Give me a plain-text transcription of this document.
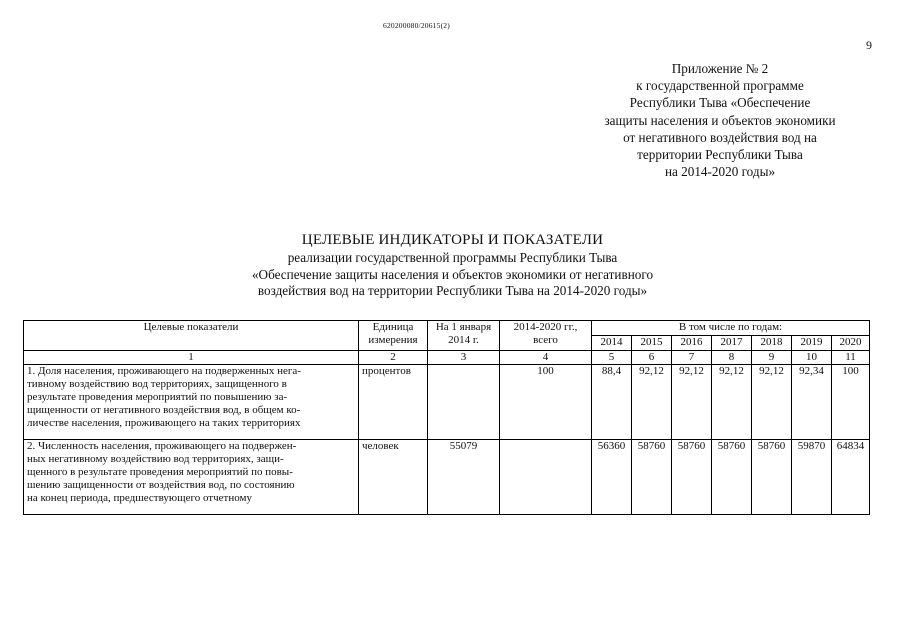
620200080/20615(2)
9
Приложение № 2
к государственной программе
Республики Тыва «Обеспечение
защиты населения и объектов экономики
от негативного воздействия вод на
территории Республики Тыва
на 2014-2020 годы»
ЦЕЛЕВЫЕ ИНДИКАТОРЫ И ПОКАЗАТЕЛИ
реализации государственной программы Республики Тыва
«Обеспечение защиты населения и объектов экономики от негативного
воздействия вод на территории Республики Тыва на 2014-2020 годы»
Целевые показатели	Единица измерения	На 1 января 2014 г.	2014-2020 гг., всего	В том числе по годам:						
				2014	2015	2016	2017	2018	2019	2020
1	2	3	4	5	6	7	8	9	10	11
1. Доля населения, проживающего на подверженных нега-
тивному воздействию вод территориях, защищенного в
результате проведения мероприятий по повышению за-
щищенности от негативного воздействия вод, в общем ко-
личестве населения, проживающего на таких территориях	процентов		100	88,4	92,12	92,12	92,12	92,12	92,34	100
2. Численность населения, проживающего на подвержен-
ных негативному воздействию вод территориях, защи-
щенного в результате проведения мероприятий по повы-
шению защищенности от воздействия вод, по состоянию
на конец периода, предшествующего отчетному	человек	55079		56360	58760	58760	58760	58760	59870	64834
